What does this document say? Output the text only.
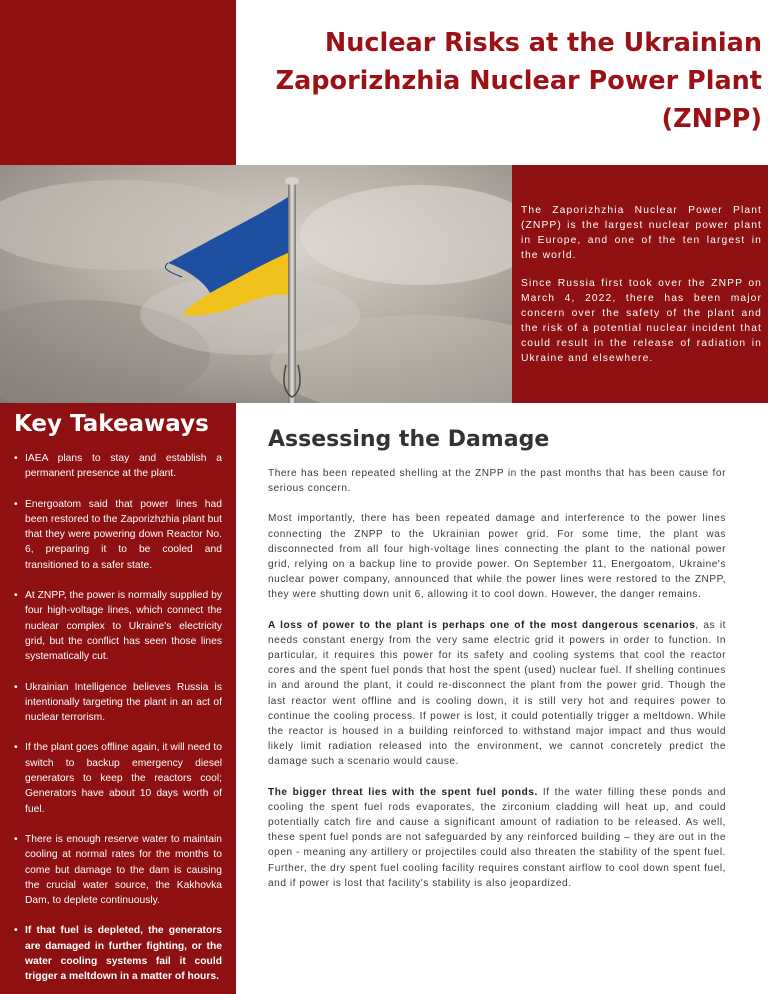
Nuclear Risks at the Ukrainian
Zaporizhzhia Nuclear Power Plant
(ZNPP)

The Zaporizhzhia Nuclear Power Plant (ZNPP) is the largest nuclear power plant in Europe, and one of the ten largest in the world.

Since Russia first took over the ZNPP on March 4, 2022, there has been major concern over the safety of the plant and the risk of a potential nuclear incident that could result in the release of radiation in Ukraine and elsewhere.

Key Takeaways
• IAEA plans to stay and establish a permanent presence at the plant.
• Energoatom said that power lines had been restored to the Zaporizhzhia plant but that they were powering down Reactor No. 6, preparing it to be cooled and transitioned to a safer state.
• At ZNPP, the power is normally supplied by four high-voltage lines, which connect the nuclear complex to Ukraine's electricity grid, but the conflict has seen those lines systematically cut.
• Ukrainian Intelligence believes Russia is intentionally targeting the plant in an act of nuclear terrorism.
• If the plant goes offline again, it will need to switch to backup emergency diesel generators to keep the reactors cool; Generators have about 10 days worth of fuel.
• There is enough reserve water to maintain cooling at normal rates for the months to come but damage to the dam is causing the crucial water source, the Kakhovka Dam, to deplete continuously.
• If that fuel is depleted, the generators are damaged in further fighting, or the water cooling systems fail it could trigger a meltdown in a matter of hours.
Assessing the Damage

There has been repeated shelling at the ZNPP in the past months that has been cause for serious concern.

Most importantly, there has been repeated damage and interference to the power lines connecting the ZNPP to the Ukrainian power grid. For some time, the plant was disconnected from all four high-voltage lines connecting the plant to the national power grid, relying on a backup line to provide power. On September 11, Energoatom, Ukraine's nuclear power company, announced that while the power lines were restored to the ZNPP, they were shutting down unit 6, allowing it to cool down. However, the danger remains.

A loss of power to the plant is perhaps one of the most dangerous scenarios, as it needs constant energy from the very same electric grid it powers in order to function. In particular, it requires this power for its safety and cooling systems that cool the reactor cores and the spent fuel ponds that host the spent (used) nuclear fuel. If shelling continues in and around the plant, it could re-disconnect the plant from the power grid. Though the last reactor went offline and is cooling down, it is still very hot and requires power to continue the cooling process. If power is lost, it could potentially trigger a meltdown. While the reactor is housed in a building reinforced to withstand major impact and thus would likely limit radiation released into the environment, we cannot concretely predict the damage such a scenario would cause.

The bigger threat lies with the spent fuel ponds. If the water filling these ponds and cooling the spent fuel rods evaporates, the zirconium cladding will heat up, and could potentially catch fire and cause a significant amount of radiation to be released. As well, these spent fuel ponds are not safeguarded by any reinforced building – they are out in the open - meaning any artillery or projectiles could also threaten the stability of the spent fuel. Further, the dry spent fuel cooling facility requires constant airflow to cool down spent fuel, and if power is lost that facility's stability is also jeopardized.
